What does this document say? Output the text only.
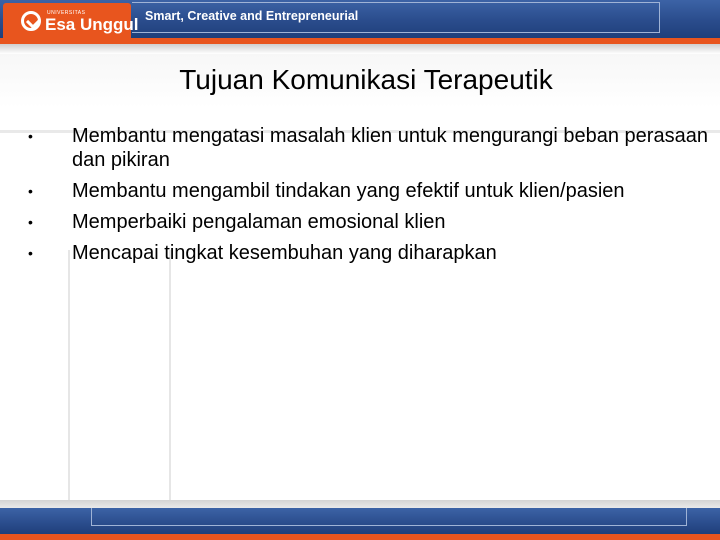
UNIVERSITAS
Esa Unggul Smart, Creative and Entrepreneurial
Tujuan Komunikasi Terapeutik
• Membantu mengatasi masalah klien untuk mengurangi beban perasaan dan pikiran
• Membantu mengambil tindakan yang efektif untuk klien/pasien
• Memperbaiki pengalaman emosional klien
• Mencapai tingkat kesembuhan yang diharapkan
